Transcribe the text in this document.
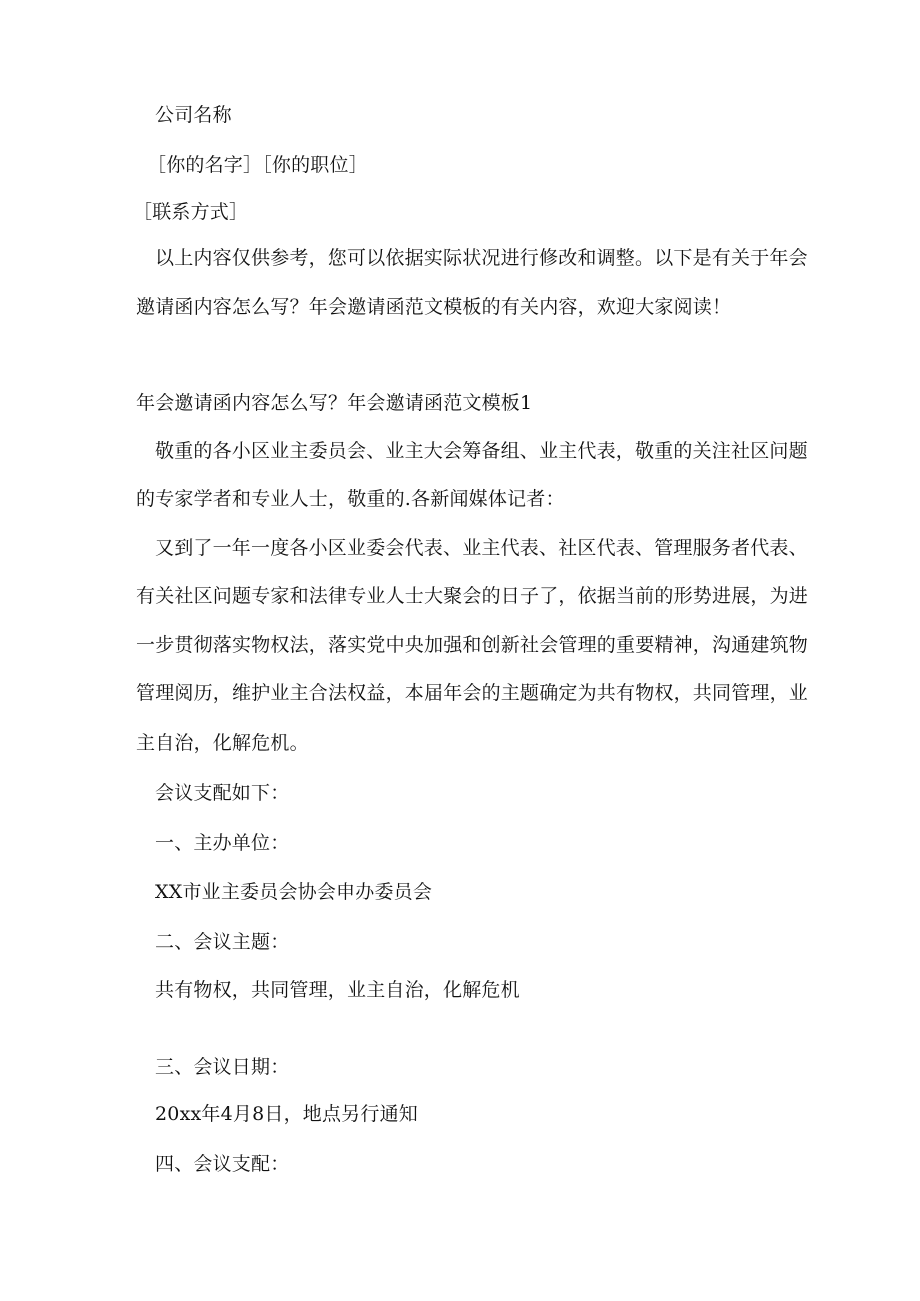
公司名称
［你的名字］［你的职位］
［联系方式］
以上内容仅供参考，您可以依据实际状况进行修改和调整。以下是有关于年会
邀请函内容怎么写？年会邀请函范文模板的有关内容，欢迎大家阅读！
年会邀请函内容怎么写？年会邀请函范文模板1
敬重的各小区业主委员会、业主大会筹备组、业主代表，敬重的关注社区问题
的专家学者和专业人士，敬重的.各新闻媒体记者：
又到了一年一度各小区业委会代表、业主代表、社区代表、管理服务者代表、
有关社区问题专家和法律专业人士大聚会的日子了，依据当前的形势进展，为进
一步贯彻落实物权法，落实党中央加强和创新社会管理的重要精神，沟通建筑物
管理阅历，维护业主合法权益，本届年会的主题确定为共有物权，共同管理，业
主自治，化解危机。
会议支配如下：
一、主办单位：
XX市业主委员会协会申办委员会
二、会议主题：
共有物权，共同管理，业主自治，化解危机
三、会议日期：
20xx年4月8日，地点另行通知
四、会议支配：
